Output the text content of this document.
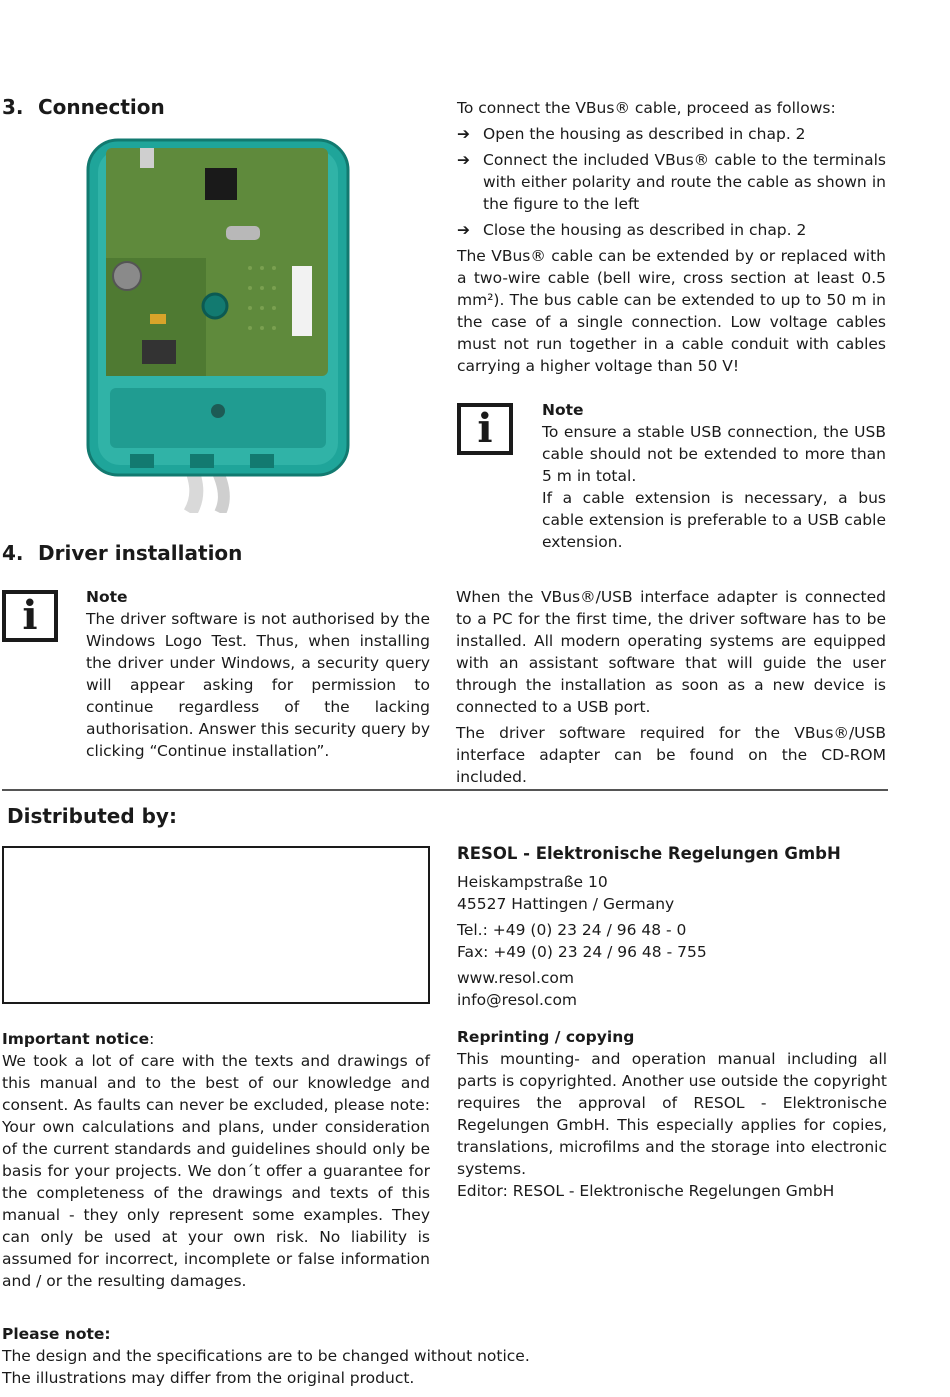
3. Connection	To connect the VBus® cable, proceed as follows:

➔ Open the housing as described in chap. 2
➔ Connect the included VBus® cable to the terminals with either polarity and route the cable as shown in the figure to the left
➔ Close the housing as described in chap. 2

The VBus® cable can be extended by or replaced with a two-wire cable (bell wire, cross section at least 0.5 mm²). The bus cable can be extended to up to 50 m in the case of a single connection. Low voltage cables must not run together in a cable conduit with cables carrying a higher voltage than 50 V!

i	Note

To ensure a stable USB connection, the USB cable should not be extended to more than 5 m in total.

If a cable extension is necessary, a bus cable extension is preferable to a USB cable extension.

4. Driver installation
i	Note

The driver software is not authorised by the Windows Logo Test. Thus, when installing the driver under Windows, a security query will appear asking for permission to continue regardless of the lacking authorisation. Answer this security query by clicking “Continue installation”.

When the VBus®/USB interface adapter is connected to a PC for the first time, the driver software has to be installed. All modern operating systems are equipped with an assistant software that will guide the user through the installation as soon as a new device is connected to a USB port.

The driver software required for the VBus®/USB interface adapter can be found on the CD-ROM included.

Distributed by:

RESOL - Elektronische Regelungen GmbH

Heiskampstraße 10

45527 Hattingen / Germany

Tel.: +49 (0) 23 24 / 96 48 - 0

Fax: +49 (0) 23 24 / 96 48 - 755

www.resol.com

info@resol.com

Important notice:

We took a lot of care with the texts and drawings of this manual and to the best of our knowledge and consent. As faults can never be excluded, please note: Your own calculations and plans, under consideration of the current standards and guidelines should only be basis for your projects. We don´t offer a guarantee for the completeness of the drawings and texts of this manual - they only represent some examples. They can only be used at your own risk. No liability is assumed for incorrect, incomplete or false information and / or the resulting damages.

Reprinting / copying

This mounting- and operation manual including all parts is copyrighted. Another use outside the copyright requires the approval of RESOL - Elektronische Regelungen GmbH. This especially applies for copies, translations, microfilms and the storage into electronic systems.

Editor: RESOL - Elektronische Regelungen GmbH

Please note:

The design and the specifications are to be changed without notice.

The illustrations may differ from the original product.
